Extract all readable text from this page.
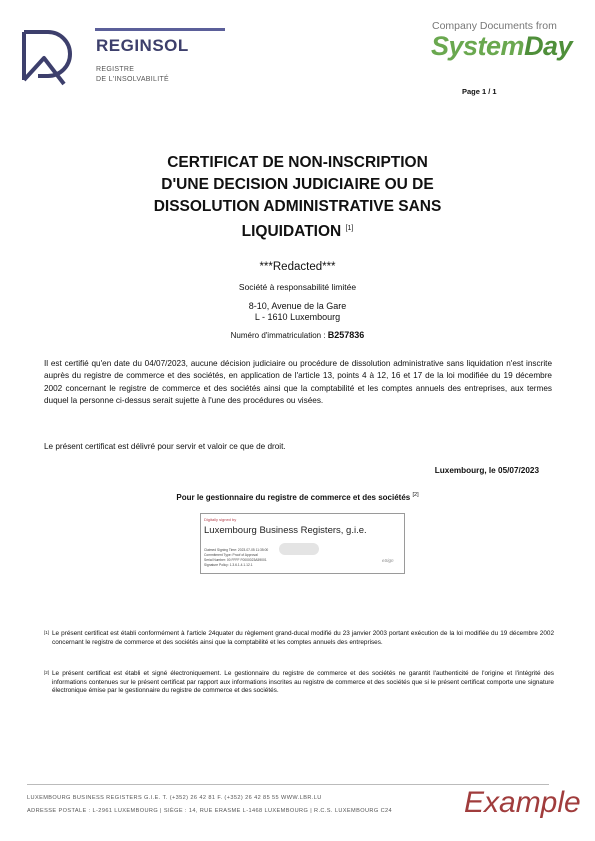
REGINSOL
REGISTRE
DE L'INSOLVABILITÉ
Company Documents from
SystemDay
Page 1 / 1
CERTIFICAT DE NON-INSCRIPTION
D'UNE DECISION JUDICIAIRE OU DE
DISSOLUTION ADMINISTRATIVE SANS
LIQUIDATION [1]
***Redacted***
Société à responsabilité limitée
8-10, Avenue de la Gare
L - 1610 Luxembourg
Numéro d'immatriculation : B257836
Il est certifié qu'en date du 04/07/2023, aucune décision judiciaire ou procédure de dissolution administrative sans liquidation n'est inscrite auprès du registre de commerce et des sociétés, en application de l'article 13, points 4 à 12, 16 et 17 de la loi modifiée du 19 décembre 2002 concernant le registre de commerce et des sociétés ainsi que la comptabilité et les comptes annuels des entreprises, aux termes duquel la personne ci-dessus serait sujette à l'une des procédures ou visées.
Le présent certificat est délivré pour servir et valoir ce que de droit.
Luxembourg, le 05/07/2023
Pour le gestionnaire du registre de commerce et des sociétés [2]
Digitally signed by
Luxembourg Business Registers, g.i.e.
Claimed Signing Time: 2023-07-05 11:35:00
Commitment Type: Proof of Approval
Serial Number: 00 FFFF F0000023A59001
Signature Policy: 1.3.6.1.4.1.12.1
eSign
[1] Le présent certificat est établi conformément à l'article 24quater du règlement grand-ducal modifié du 23 janvier 2003 portant exécution de la loi modifiée du 19 décembre 2002 concernant le registre de commerce et des sociétés ainsi que la comptabilité et les comptes annuels des entreprises.
[2] Le présent certificat est établi et signé électroniquement. Le gestionnaire du registre de commerce et des sociétés ne garantit l'authenticité de l'origine et l'intégrité des informations contenues sur le présent certificat par rapport aux informations inscrites au registre de commerce et des sociétés que si le présent certificat comporte une signature électronique émise par le gestionnaire du registre de commerce et des sociétés.
LUXEMBOURG BUSINESS REGISTERS G.I.E. T. (+352) 26 42 81 F. (+352) 26 42 85 55 WWW.LBR.LU
ADRESSE POSTALE : L-2961 LUXEMBOURG | SIÈGE : 14, RUE ERASME L-1468 LUXEMBOURG | R.C.S. LUXEMBOURG C24 Example
